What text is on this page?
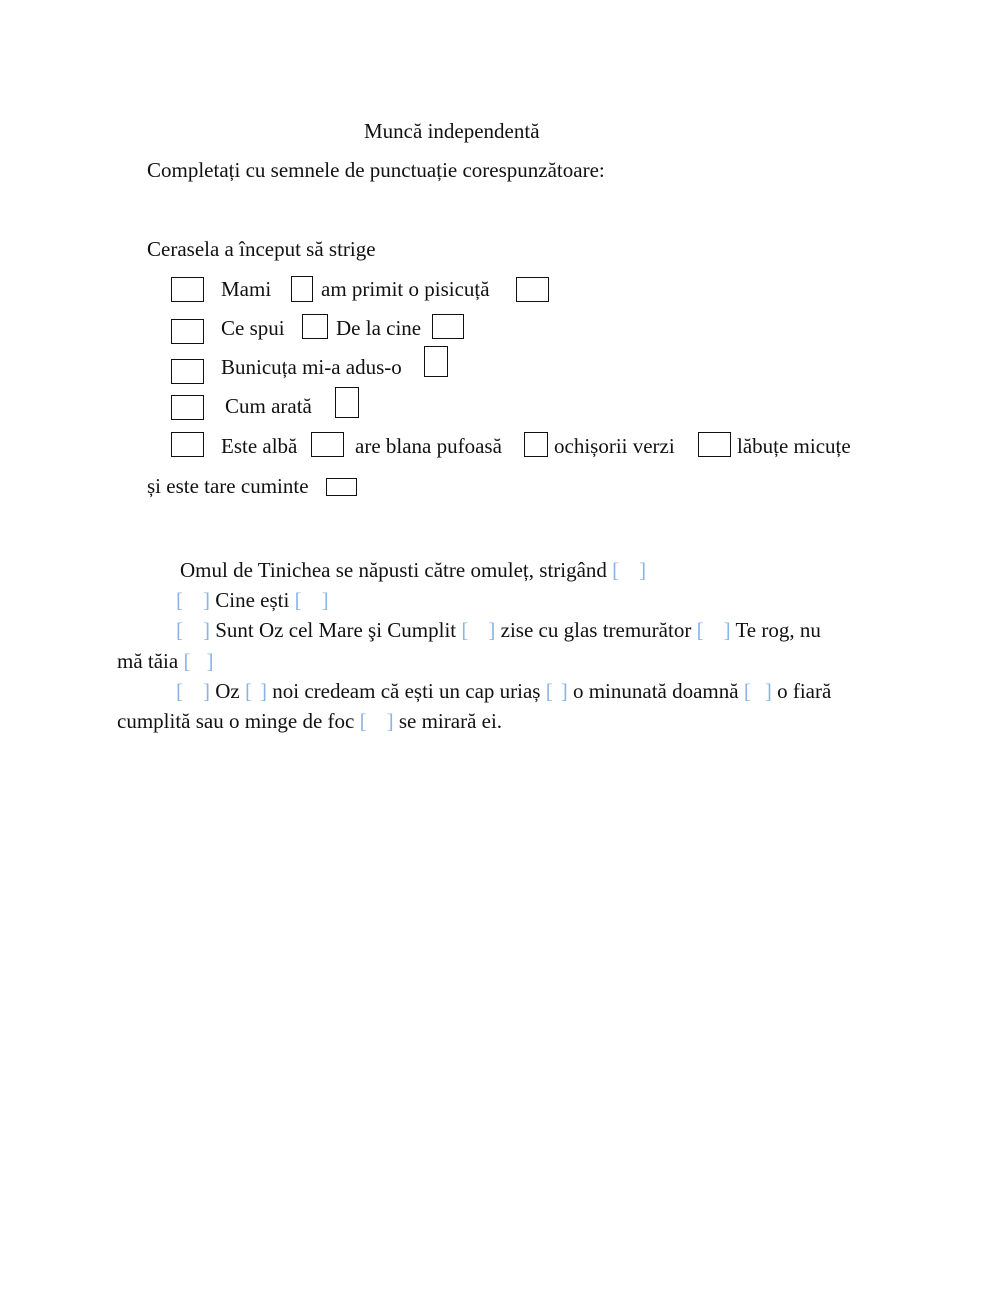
Muncă independentă
Completați cu semnele de punctuație corespunzătoare:
Cerasela a început să strige
Mami am primit o pisicuță
Ce spui De la cine
Bunicuța mi-a adus-o
Cum arată
Este albă	are blana pufoasă ochișorii verzi	lăbuțe micuțe
și este tare cuminte
Omul de Tinichea se năpusti către omuleț, strigând [ ]
[ ] Cine ești [ ]
[ ] Sunt Oz cel Mare şi Cumplit [ ] zise cu glas tremurător [ ] Te rog, nu
mă tăia [ ]
[ ] Oz [ ] noi credeam că ești un cap uriaș [ ] o minunată doamnă [ ] o fiară
cumplită sau o minge de foc [ ] se mirară ei.
